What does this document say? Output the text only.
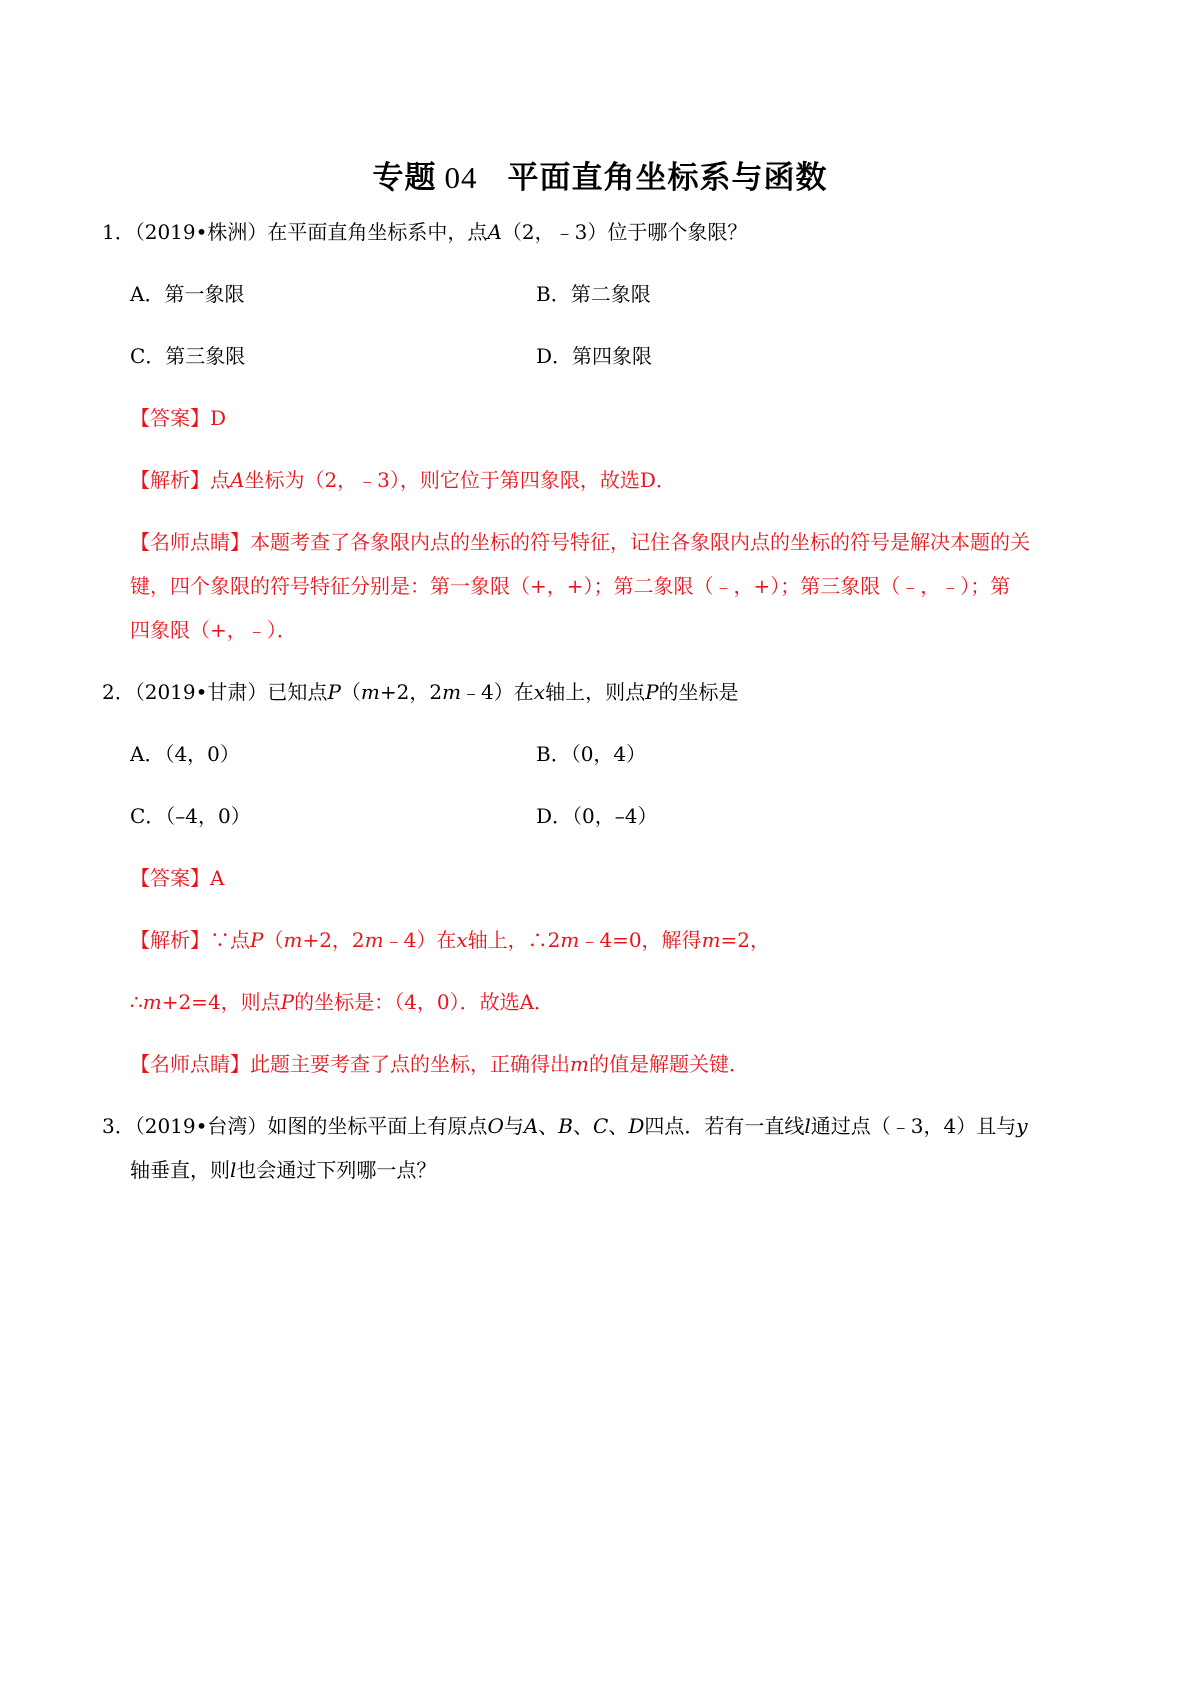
专题 04 平面直角坐标系与函数
1．（2019•株洲）在平面直角坐标系中，点A（2，﹣3）位于哪个象限？
A．第一象限	B．第二象限
C．第三象限	D．第四象限
【答案】D
【解析】点A坐标为（2，﹣3），则它位于第四象限，故选D．
【名师点睛】本题考查了各象限内点的坐标的符号特征，记住各象限内点的坐标的符号是解决本题的关
键，四个象限的符号特征分别是：第一象限（+，+）；第二象限（﹣，+）；第三象限（﹣，﹣）；第
四象限（+，﹣）．
2．（2019•甘肃）已知点P（m+2，2m﹣4）在x轴上，则点P的坐标是
A．（4，0）	B．（0，4）
C．（–4，0）	D．（0，–4）
【答案】A
【解析】∵点P（m+2，2m﹣4）在x轴上，∴2m﹣4=0，解得m=2，
∴m+2=4，则点P的坐标是：（4，0）．故选A．
【名师点睛】此题主要考查了点的坐标，正确得出m的值是解题关键．
3．（2019•台湾）如图的坐标平面上有原点O与A、B、C、D四点．若有一直线l通过点（﹣3，4）且与y
轴垂直，则l也会通过下列哪一点？
